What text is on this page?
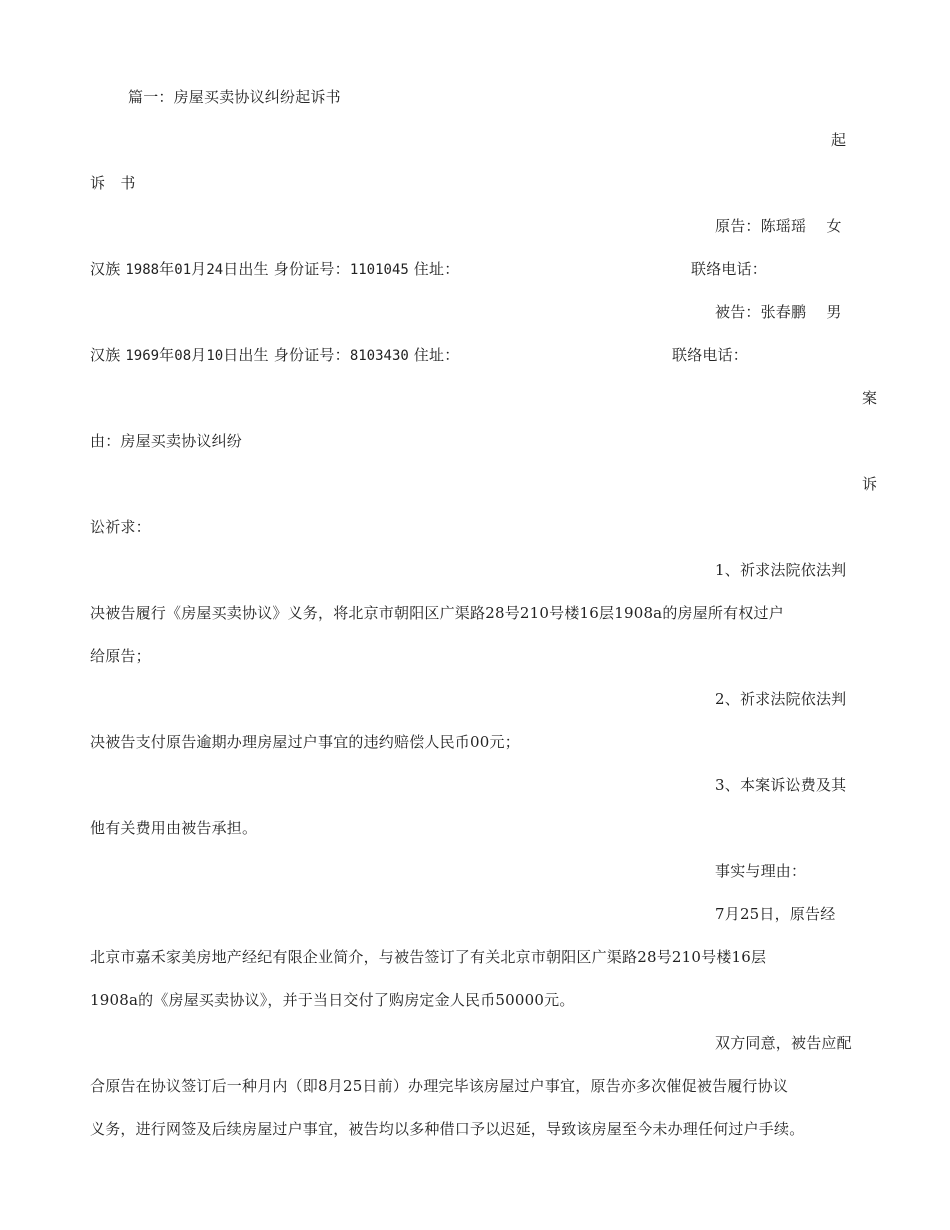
篇一：房屋买卖协议纠纷起诉书
起
诉　书
原告：陈瑶瑶　 女
汉族 1988年01月24日出生 身份证号：1101045 住址：	联络电话：
被告：张春鹏　 男
汉族 1969年08月10日出生 身份证号：8103430 住址：	联络电话：
案
由：房屋买卖协议纠纷
诉
讼祈求：
1、祈求法院依法判
决被告履行《房屋买卖协议》义务，将北京市朝阳区广渠路28号210号楼16层1908a的房屋所有权过户
给原告；
2、祈求法院依法判
决被告支付原告逾期办理房屋过户事宜的违约赔偿人民币00元；
3、本案诉讼费及其
他有关费用由被告承担。
事实与理由：
7月25日，原告经
北京市嘉禾家美房地产经纪有限企业简介，与被告签订了有关北京市朝阳区广渠路28号210号楼16层
1908a的《房屋买卖协议》，并于当日交付了购房定金人民币50000元。
双方同意，被告应配
合原告在协议签订后一种月内（即8月25日前）办理完毕该房屋过户事宜，原告亦多次催促被告履行协议
义务，进行网签及后续房屋过户事宜，被告均以多种借口予以迟延，导致该房屋至今未办理任何过户手续。
